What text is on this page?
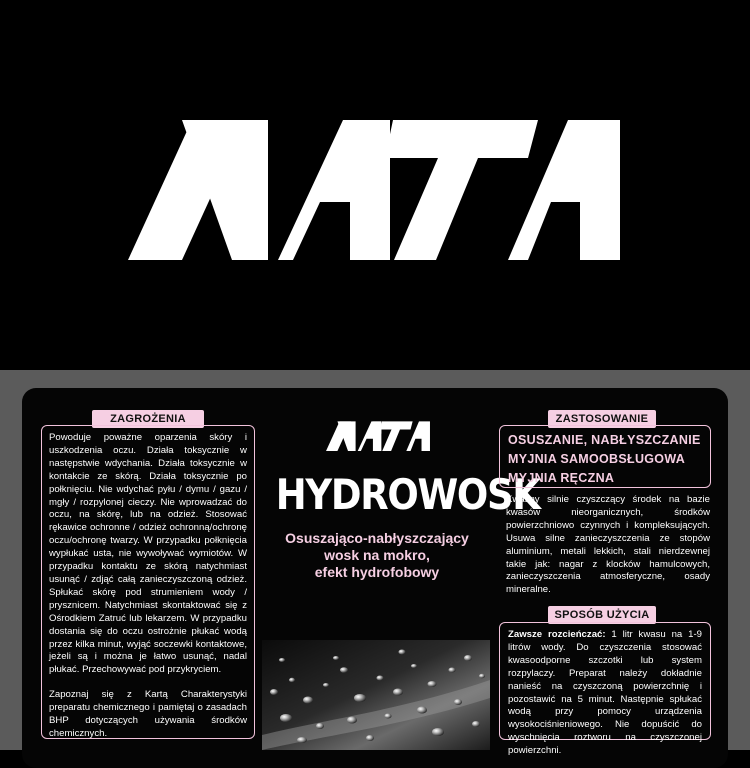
NATA
ZAGROŻENIA

Powoduje poważne oparzenia skóry i uszkodzenia oczu. Działa toksycznie w następstwie wdychania. Działa toksycznie w kontakcie ze skórą. Działa toksycznie po połknięciu. Nie wdychać pyłu / dymu / gazu / mgły / rozpylonej cieczy. Nie wprowadzać do oczu, na skórę, lub na odzież. Stosować rękawice ochronne / odzież ochronną/ochronę oczu/ochronę twarzy. W przypadku połknięcia wypłukać usta, nie wywoływać wymiotów. W przypadku kontaktu ze skórą natychmiast usunąć / zdjąć całą zanieczyszczoną odzież. Spłukać skórę pod strumieniem wody / prysznicem. Natychmiast skontaktować się z Ośrodkiem Zatruć lub lekarzem. W przypadku dostania się do oczu ostrożnie płukać wodą przez kilka minut, wyjąć soczewki kontaktowe, jeżeli są i można je łatwo usunąć, nadal płukać. Przechowywać pod przykryciem.

Zapoznaj się z Kartą Charakterystyki preparatu chemicznego i pamiętaj o zasadach BHP dotyczących używania środków chemicznych.

HYDROWOSK
Osuszająco-nabłyszczający
wosk na mokro,
efekt hydrofobowy
ZASTOSOWANIE
OSUSZANIE, NABŁYSZCZANIE
MYJNIA SAMOOBSŁUGOWA
MYJNIA RĘCZNA
Kwaśny silnie czyszczący środek na bazie kwasów nieorganicznych, środków powierzchniowo czynnych i kompleksujących. Usuwa silne zanieczyszczenia ze stopów aluminium, metali lekkich, stali nierdzewnej takie jak: nagar z klocków hamulcowych, zanieczyszczenia atmosferyczne, osady mineralne.
SPOSÓB UŻYCIA
Zawsze rozcieńczać: 1 litr kwasu na 1-9 litrów wody. Do czyszczenia stosować kwasoodporne szczotki lub system rozpylaczy. Preparat należy dokładnie nanieść na czyszczoną powierzchnię i pozostawić na 5 minut. Następnie spłukać wodą przy pomocy urządzenia wysokociśnieniowego. Nie dopuścić do wyschnięcia roztworu na czyszczonej powierzchni.
